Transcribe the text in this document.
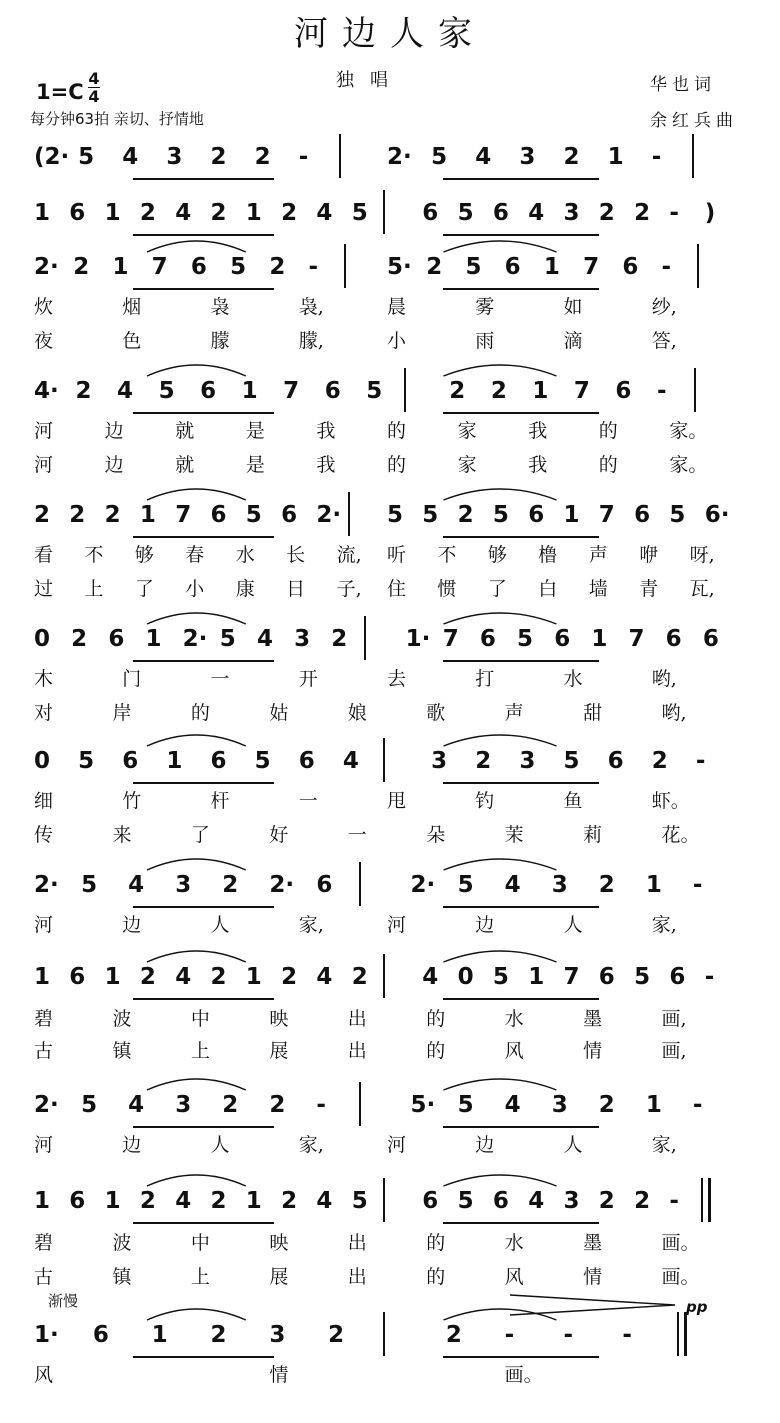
河边人家
独唱
1=C
4
4
每分钟63拍 亲切、抒情地
华也词
余红兵曲
(2· 5 4 3 2 2 -	2· 5 4 3 2 1 -
1 6 1 2 4 2 1 2 4 5 6 5 6 4 3 2 2 - )
2· 2 1 7 6 5 2 -	5· 2 5 6 1 7 6 -
炊	烟	袅	袅,	晨	雾	如	纱,
夜	色	朦	朦,	小	雨	滴	答,
4· 2 4 5 6 1 7 6 5	2 2 1 7 6 -
河	边	就	是	我	的	家	我	的	家。
河	边	就	是	我	的	家	我	的	家。
2 2 2 1 7 6 5 6 2· 5 5 2 5 6 1 7 6 5 6·
看 不 够 春 水 长 流, 听 不 够 橹 声 咿 呀,
过 上 了 小 康 日 子, 住 惯 了 白 墙 青 瓦,
0 2 6 1 2· 5 4 3 2	1· 7 6 5 6 1 7 6 6
木	门	一	开	去	打	水	哟,
对	岸	的	姑	娘	歌	声	甜	哟,
0 5 6 1 6 5 6 4	3 2 3 5 6 2 -
细	竹	杆	一	甩	钓	鱼	虾。
传	来	了	好	一	朵	茉	莉	花。
2· 5 4 3 2 2· 6	2· 5 4 3 2 1 -
河	边	人	家,	河	边	人	家,
1 6 1 2 4 2 1 2 4 2 4 0 5 1 7 6 5 6 -
碧	波	中	映	出	的	水	墨	画,
古	镇	上	展	出	的	风	情	画,
2· 5 4 3 2 2 -	5· 5 4 3 2 1 -
河	边	人	家,	河	边	人	家,
1 6 1 2 4 2 1 2 4 5 6 5 6 4 3 2 2 -
碧	波	中	映	出	的	水	墨	画。
古	镇	上	展	出	的	风	情	画。
1· 6 1 2 3 2	2 - - -
风	情	画。
渐慢	pp
